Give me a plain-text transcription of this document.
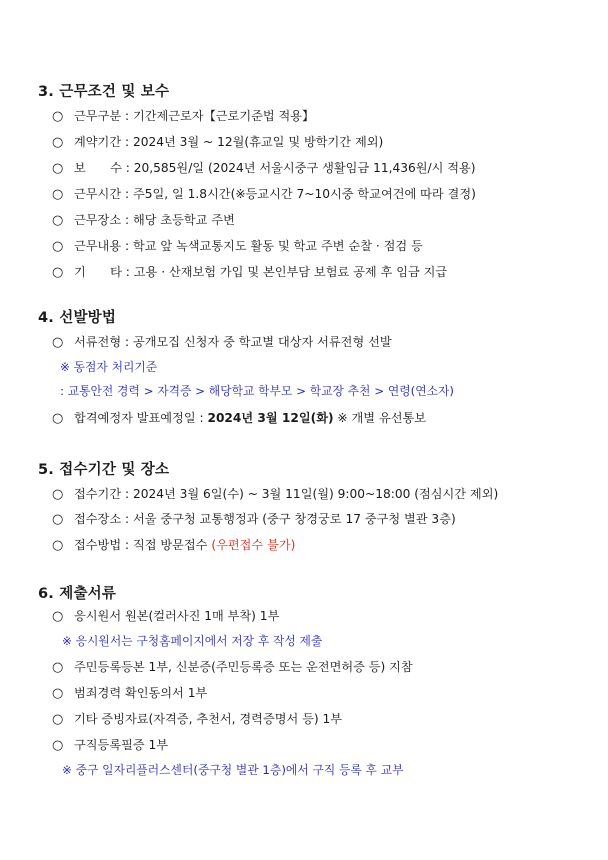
3. 근무조건 및 보수
○ 근무구분 : 기간제근로자【근로기준법 적용】
○ 계약기간 : 2024년 3월 ~ 12월(휴교일 및 방학기간 제외)
○ 보　　수 : 20,585원/일 (2024년 서울시중구 생활임금 11,436원/시 적용)
○ 근무시간 : 주5일, 일 1.8시간(※등교시간 7~10시중 학교여건에 따라 결정)
○ 근무장소 : 해당 초등학교 주변
○ 근무내용 : 학교 앞 녹색교통지도 활동 및 학교 주변 순찰 · 점검 등
○ 기　　타 : 고용 · 산재보험 가입 및 본인부담 보험료 공제 후 임금 지급
4. 선발방법
○ 서류전형 : 공개모집 신청자 중 학교별 대상자 서류전형 선발
※ 동점자 처리기준
: 교통안전 경력 > 자격증 > 해당학교 학부모 > 학교장 추천 > 연령(연소자)
○ 합격예정자 발표예정일 : 2024년 3월 12일(화) ※ 개별 유선통보
5. 접수기간 및 장소
○ 접수기간 : 2024년 3월 6일(수) ~ 3월 11일(월) 9:00~18:00 (점심시간 제외)
○ 접수장소 : 서울 중구청 교통행정과 (중구 창경궁로 17 중구청 별관 3층)
○ 접수방법 : 직접 방문접수 (우편접수 불가)
6. 제출서류
○ 응시원서 원본(컬러사진 1매 부착) 1부
※ 응시원서는 구청홈페이지에서 저장 후 작성 제출
○ 주민등록등본 1부, 신분증(주민등록증 또는 운전면허증 등) 지참
○ 범죄경력 확인동의서 1부
○ 기타 증빙자료(자격증, 추천서, 경력증명서 등) 1부
○ 구직등록필증 1부
※ 중구 일자리플러스센터(중구청 별관 1층)에서 구직 등록 후 교부
